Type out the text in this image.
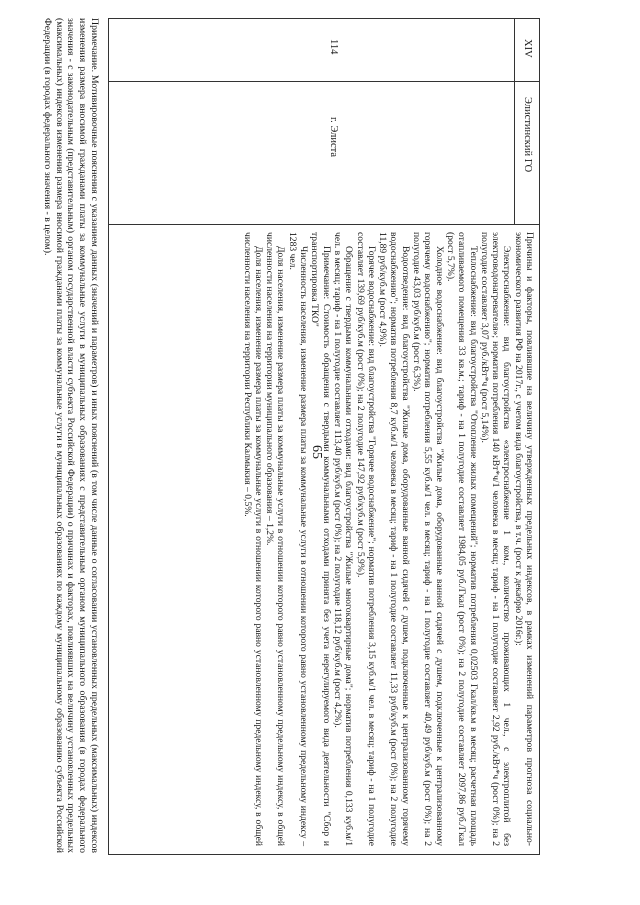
65
XIV
Элистинский ГО
114
г. Элиста

Причины и факторы, повлиявшие на величину утвержденных предельных индексов, в рамках изменений параметров прогноза социально-экономического развития РФ на 2017г., с учетом вида благоустройства, в т.ч. (рост к декабрю 2016г.):

Электроснабжение: вид благоустройства «электроснабжение 1 ком., количество проживающих 1 чел., с электроплитой без электроводонагревателя»; норматив потребления 140 кВт*ч/1 человека в месяц; тариф - на 1 полугодие составляет 2,92 руб./кВт*ч (рост 0%); на 2 полугодие составляет 3,07 руб./кВт*ч (рост 5,14%).

Теплоснабжение: вид благоустройства "Отопление жилых помещений"; норматив потребления 0,02503 Гкал/кв.м в месяц; расчетная площадь отапливаемого помещения 33 кв.м.; тариф - на 1 полугодие составляет 1984,05 руб./Гкал (рост 0%); на 2 полугодие составляет 2097,86 руб./Гкал (рост 5,7%).

Холодное водоснабжение: вид благоустройства "Жилые дома, оборудованные ванной сидячей с душем, подключенные к централизованному горячему водоснабжению"; норматив потребления 5,55 куб.м/1 чел. в месяц; тариф - на 1 полугодие составляет 40,49 руб/куб.м (рост 0%); на 2 полугодие 43,03 руб/куб.м (рост 6,3%).

Водоотведение: вид благоустройства "Жилые дома, оборудованные ванной сидячей с душем, подключенные к централизованному горячему водоснабжению"; норматив потребления 8,7 куб.м/1 человека в месяц; тариф - на 1 полугодие составляет 11,33 руб/куб.м (рост 0%); на 2 полугодие 11,89 руб/куб.м (рост 4,9%).

Горячее водоснабжение: вид благоустройства "Горячее водоснабжение"; норматив потребления 3,15 куб.м/1 чел. в месяц; тариф - на 1 полугодие составляет 139,69 руб/куб.м (рост 0%); на 2 полугодие 147,92 руб/куб.м (рост 5,9%).

Обращение с твердыми коммунальными отходами: вид благоустройства "Жилые многоквартирные дома"; норматив потребления 0,133 куб.м/1 чел. в месяц; тариф - на 1 полугодие составляет 113,40 руб/куб.м (рост 0%); на 2 полугодие 118,12 руб/куб.м (рост 4,2%).

Примечание: Стоимость обращения с твердыми коммунальными отходами принята без учета нерегулируемого вида деятельности "Сбор и транспортировка ТКО"

Численность населения, изменение размера платы за коммунальные услуги в отношении которого равно установленному предельному индексу – 1283 чел.

Доля населения, изменение размера платы за коммунальные услуги в отношении которого равно установленному предельному индексу, в общей численности населения на территории муниципального образования – 1,2%.

Доля населения, изменение размера платы за коммунальные услуги в отношении которого равно установленному предельному индексу, в общей численности населения на территории Республики Калмыкия – 0,5%.

Примечание. Мотивировочные пояснения с указанием данных (значений и параметров) и иных пояснений (в том числе данные о согласовании установленных предельных (максимальных) индексов изменения размера вносимой гражданами платы за коммунальные услуги в муниципальных образованиях с представительным органом муниципального образования (в городах федерального значения - с законодательным (представительным) органом государственной власти субъекта Российской Федерации) о причинах и факторах, повлиявших на величину установленных предельных (максимальных) индексов изменения размера вносимой гражданами платы за коммунальные услуги в муниципальных образованиях по каждому муниципальному образованию субъекта Российской Федерации (в городах федерального значения - в целом).
